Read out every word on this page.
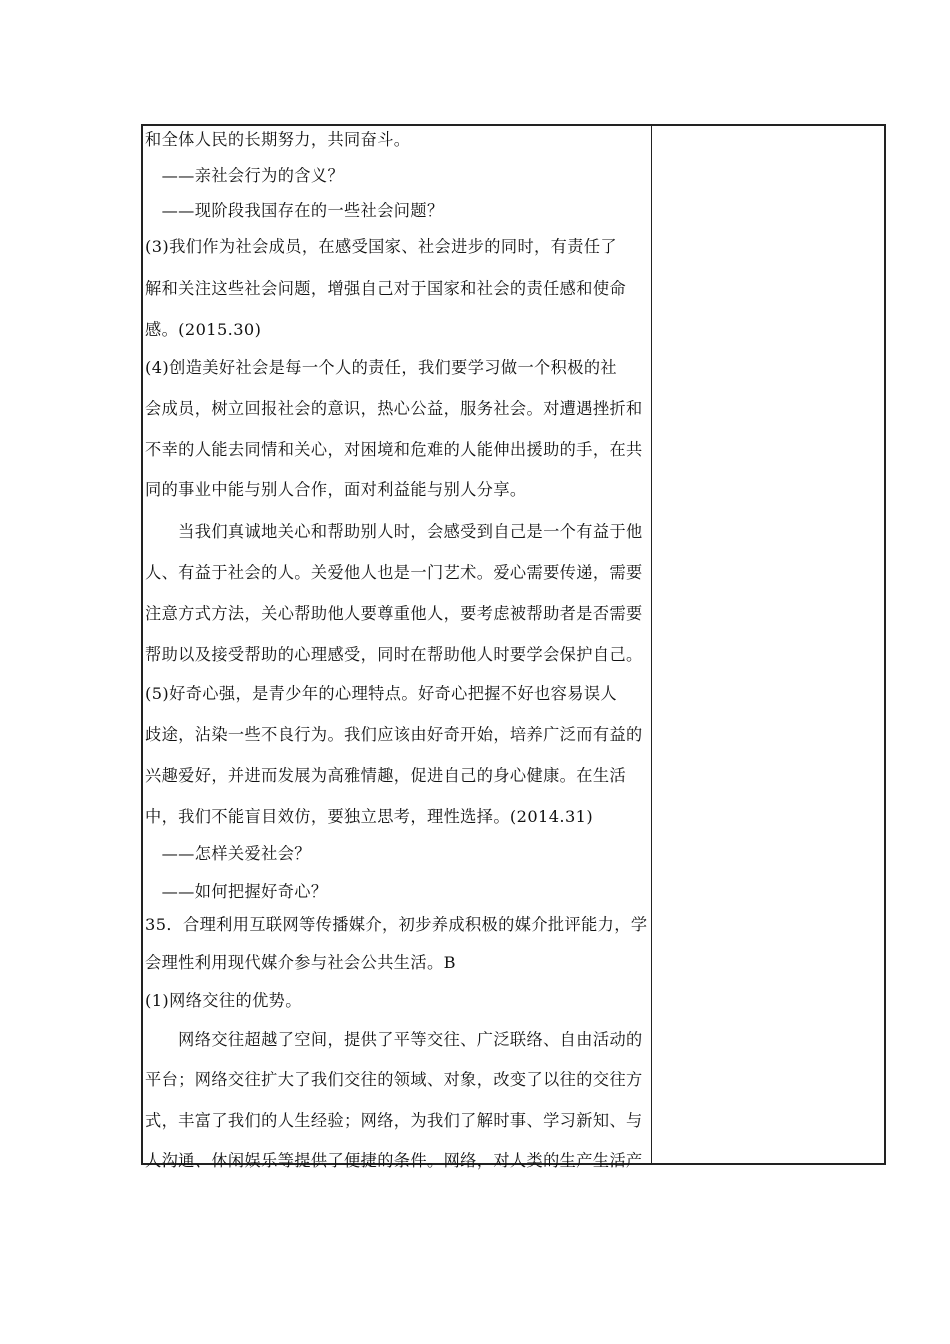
和全体人民的长期努力，共同奋斗。
　——亲社会行为的含义？
　——现阶段我国存在的一些社会问题？
(3)我们作为社会成员，在感受国家、社会进步的同时，有责任了
解和关注这些社会问题，增强自己对于国家和社会的责任感和使命
感。(2015.30)
(4)创造美好社会是每一个人的责任，我们要学习做一个积极的社
会成员，树立回报社会的意识，热心公益，服务社会。对遭遇挫折和
不幸的人能去同情和关心，对困境和危难的人能伸出援助的手，在共
同的事业中能与别人合作，面对利益能与别人分享。
　　当我们真诚地关心和帮助别人时，会感受到自己是一个有益于他
人、有益于社会的人。关爱他人也是一门艺术。爱心需要传递，需要
注意方式方法，关心帮助他人要尊重他人，要考虑被帮助者是否需要
帮助以及接受帮助的心理感受，同时在帮助他人时要学会保护自己。
(5)好奇心强，是青少年的心理特点。好奇心把握不好也容易误人
歧途，沾染一些不良行为。我们应该由好奇开始，培养广泛而有益的
兴趣爱好，并进而发展为高雅情趣，促进自己的身心健康。在生活
中，我们不能盲目效仿，要独立思考，理性选择。(2014.31)
　——怎样关爱社会？
　——如何把握好奇心？
35．合理利用互联网等传播媒介，初步养成积极的媒介批评能力，学
会理性利用现代媒介参与社会公共生活。B
(1)网络交往的优势。
　　网络交往超越了空间，提供了平等交往、广泛联络、自由活动的
平台；网络交往扩大了我们交往的领域、对象，改变了以往的交往方
式，丰富了我们的人生经验；网络，为我们了解时事、学习新知、与
人沟通、休闲娱乐等提供了便捷的条件。网络，对人类的生产生活产
